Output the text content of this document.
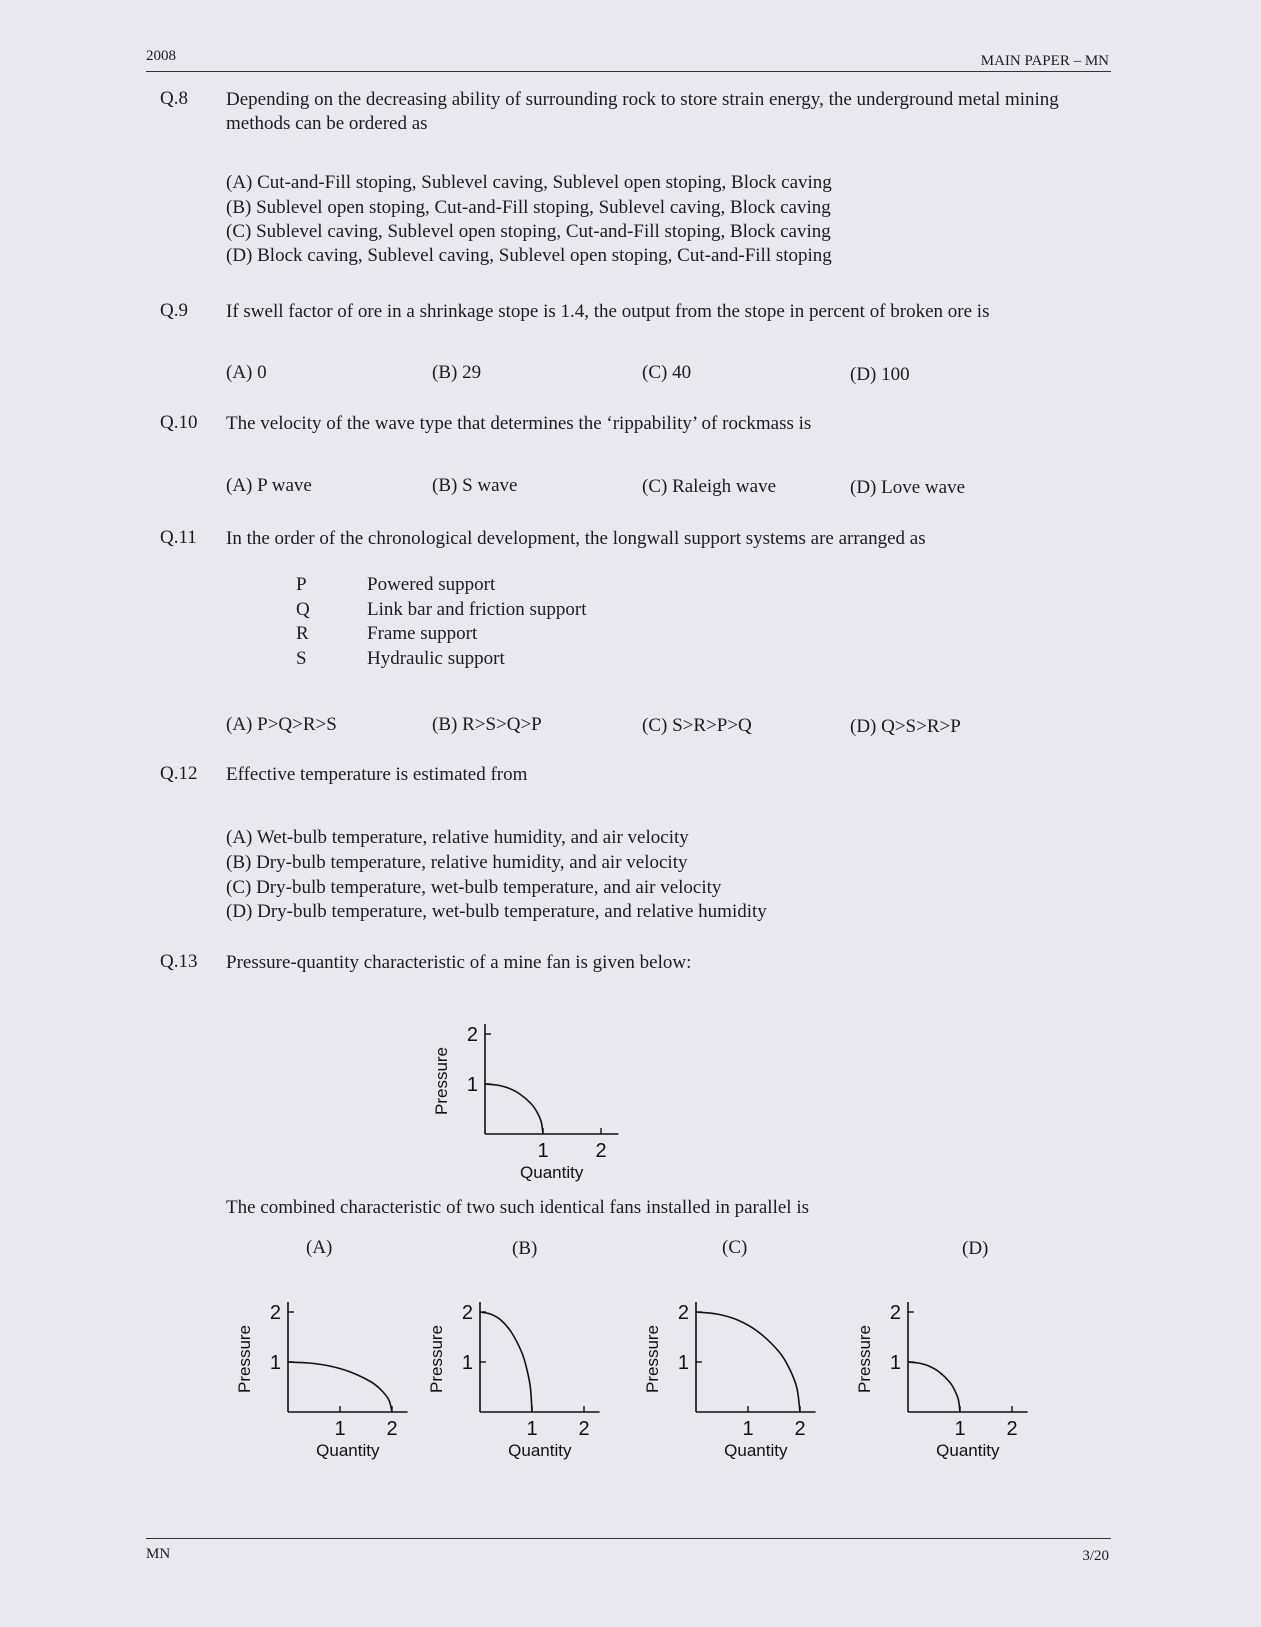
2008	MAIN PAPER – MN
Q.8 Depending on the decreasing ability of surrounding rock to store strain energy, the underground metal mining methods can be ordered as
(A) Cut-and-Fill stoping, Sublevel caving, Sublevel open stoping, Block caving
(B) Sublevel open stoping, Cut-and-Fill stoping, Sublevel caving, Block caving
(C) Sublevel caving, Sublevel open stoping, Cut-and-Fill stoping, Block caving
(D) Block caving, Sublevel caving, Sublevel open stoping, Cut-and-Fill stoping
Q.9 If swell factor of ore in a shrinkage stope is 1.4, the output from the stope in percent of broken ore is
(A) 0	(B) 29	(C) 40	(D) 100
Q.10 The velocity of the wave type that determines the ‘rippability’ of rockmass is
(A) P wave	(B) S wave	(C) Raleigh wave	(D) Love wave
Q.11 In the order of the chronological development, the longwall support systems are arranged as
P	Powered support
Q	Link bar and friction support
R	Frame support
S	Hydraulic support
(A) P>Q>R>S	(B) R>S>Q>P	(C) S>R>P>Q	(D) Q>S>R>P
Q.12 Effective temperature is estimated from
(A) Wet-bulb temperature, relative humidity, and air velocity
(B) Dry-bulb temperature, relative humidity, and air velocity
(C) Dry-bulb temperature, wet-bulb temperature, and air velocity
(D) Dry-bulb temperature, wet-bulb temperature, and relative humidity
Q.13 Pressure-quantity characteristic of a mine fan is given below:
The combined characteristic of two such identical fans installed in parallel is
(A)	(B)	(C)	(D)
1
2
1 2
Quantity
Pressure
1
2
1 2
Quantity
Pressure	1
2
1 2
Quantity
Pressure	1
2
1 2
Quantity
Pressure	1
2
1 2
Quantity
Pressure
MN	3/20
